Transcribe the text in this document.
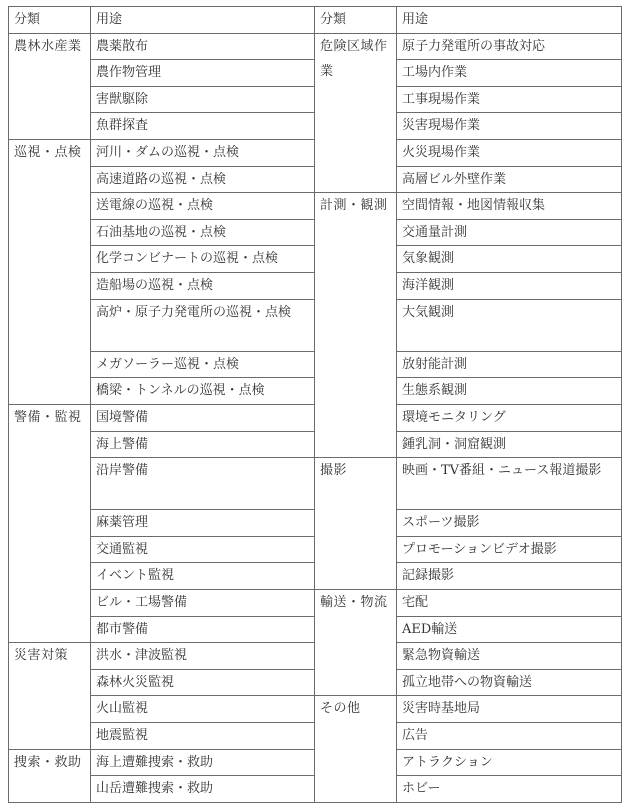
分類	用途	分類	用途
農林水産業	農薬散布	危険区域作業	原子力発電所の事故対応
	農作物管理		工場内作業
	害獣駆除		工事現場作業
	魚群探査		災害現場作業
巡視・点検	河川・ダムの巡視・点検		火災現場作業
	高速道路の巡視・点検		高層ビル外壁作業
	送電線の巡視・点検	計測・観測	空間情報・地図情報収集
	石油基地の巡視・点検		交通量計測
	化学コンビナートの巡視・点検		気象観測
	造船場の巡視・点検		海洋観測
	高炉・原子力発電所の巡視・点検		大気観測
	メガソーラー巡視・点検		放射能計測
	橋梁・トンネルの巡視・点検		生態系観測
警備・監視	国境警備		環境モニタリング
	海上警備		鍾乳洞・洞窟観測
	沿岸警備	撮影	映画・TV番組・ニュース報道撮影
	麻薬管理		スポーツ撮影
	交通監視		プロモーションビデオ撮影
	イベント監視		記録撮影
	ビル・工場警備	輸送・物流	宅配
	都市警備		AED輸送
災害対策	洪水・津波監視		緊急物資輸送
	森林火災監視		孤立地帯への物資輸送
	火山監視	その他	災害時基地局
	地震監視		広告
捜索・救助	海上遭難捜索・救助		アトラクション
	山岳遭難捜索・救助		ホビー
